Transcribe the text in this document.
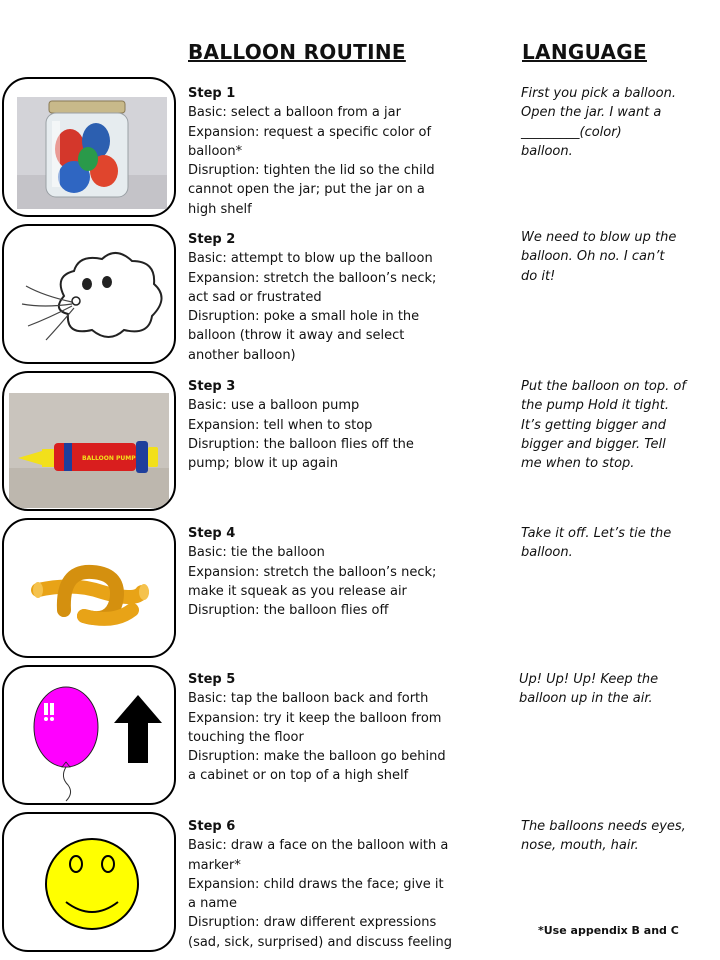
BALLOON ROUTINE	LANGUAGE
BALLOON PUMP
Step 1
Basic: select a balloon from a jar
Expansion: request a specific color of
balloon*
Disruption: tighten the lid so the child
cannot open the jar; put the jar on a
high shelf
Step 2
Basic: attempt to blow up the balloon
Expansion: stretch the balloon’s neck;
act sad or frustrated
Disruption: poke a small hole in the
balloon (throw it away and select
another balloon)
Step 3
Basic: use a balloon pump
Expansion: tell when to stop
Disruption: the balloon flies off the
pump; blow it up again
Step 4
Basic: tie the balloon
Expansion: stretch the balloon’s neck;
make it squeak as you release air
Disruption: the balloon flies off
Step 5
Basic: tap the balloon back and forth
Expansion: try it keep the balloon from
touching the floor
Disruption: make the balloon go behind
a cabinet or on top of a high shelf
Step 6
Basic: draw a face on the balloon with a
marker*
Expansion: child draws the face; give it
a name
Disruption: draw different expressions
(sad, sick, surprised) and discuss feeling
First you pick a balloon.
Open the jar. I want a
_________(color)
balloon.
We need to blow up the
balloon. Oh no. I can’t
do it!
Put the balloon on top. of
the pump Hold it tight.
It’s getting bigger and
bigger and bigger. Tell
me when to stop.
Take it off. Let’s tie the
balloon.
Up! Up! Up! Keep the
balloon up in the air.
The balloons needs eyes,
nose, mouth, hair.
*Use appendix B and C
